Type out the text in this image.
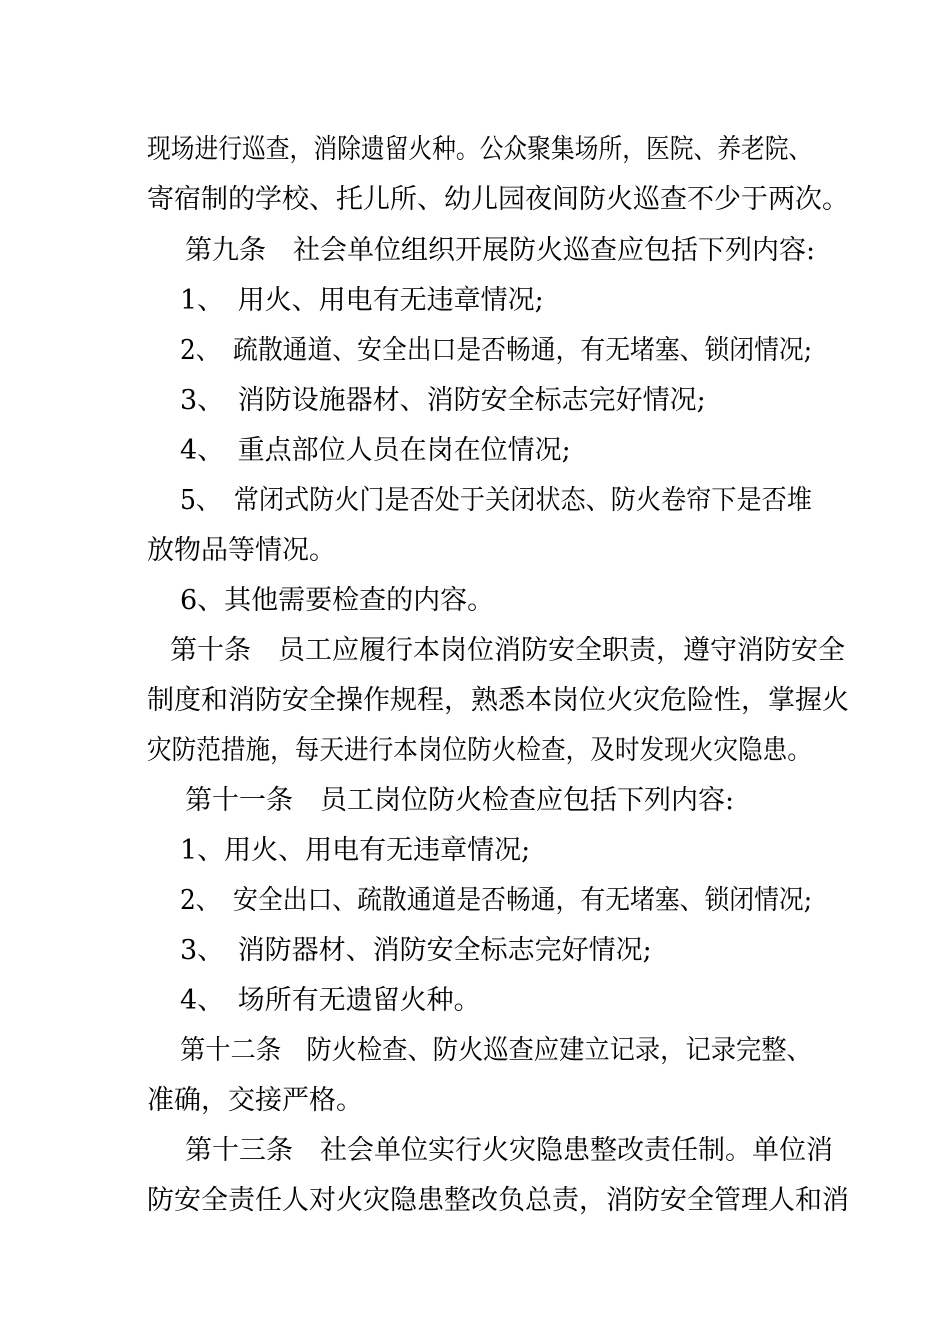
现场进行巡查，消除遗留火种。公众聚集场所，医院、养老院、
寄宿制的学校、托儿所、幼儿园夜间防火巡查不少于两次。
第九条　社会单位组织开展防火巡查应包括下列内容:
1、　用火、用电有无违章情况;
2、　疏散通道、安全出口是否畅通，有无堵塞、锁闭情况;
3、　消防设施器材、消防安全标志完好情况;
4、　重点部位人员在岗在位情况;
5、　常闭式防火门是否处于关闭状态、防火卷帘下是否堆
放物品等情况。
6、其他需要检查的内容。
第十条　员工应履行本岗位消防安全职责，遵守消防安全
制度和消防安全操作规程，熟悉本岗位火灾危险性，掌握火
灾防范措施，每天进行本岗位防火检查，及时发现火灾隐患。
第十一条　员工岗位防火检查应包括下列内容:
1、用火、用电有无违章情况;
2、　安全出口、疏散通道是否畅通，有无堵塞、锁闭情况;
3、　消防器材、消防安全标志完好情况;
4、　场所有无遗留火种。
第十二条　防火检查、防火巡查应建立记录，记录完整、
准确，交接严格。
第十三条　社会单位实行火灾隐患整改责任制。单位消
防安全责任人对火灾隐患整改负总责，消防安全管理人和消
